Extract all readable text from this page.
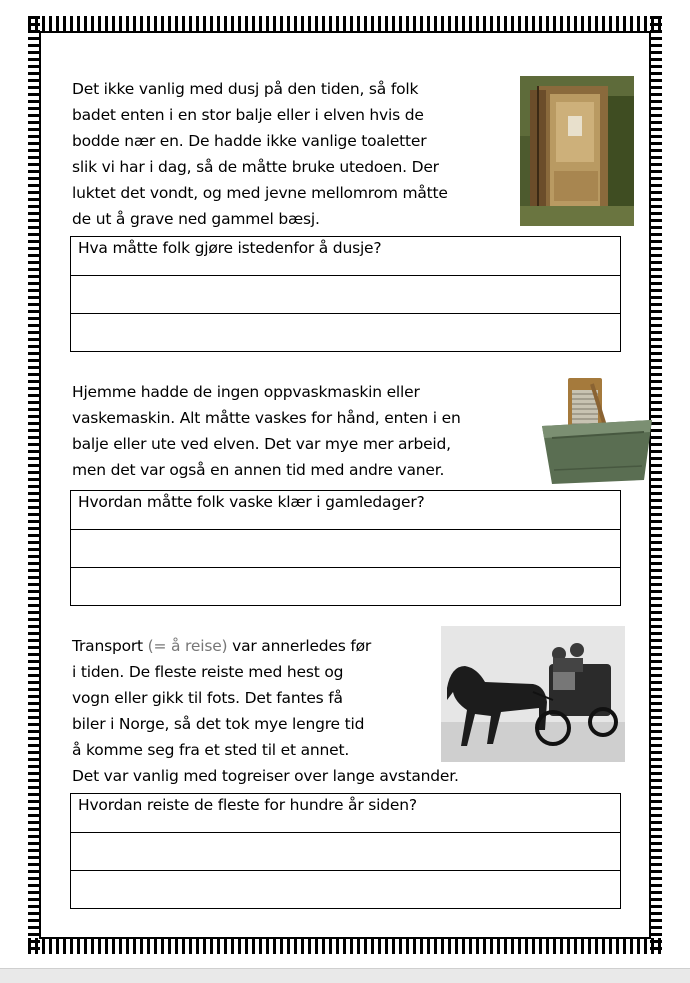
Det ikke vanlig med dusj på den tiden, så folk
badet enten i en stor balje eller i elven hvis de
bodde nær en. De hadde ikke vanlige toaletter
slik vi har i dag, så de måtte bruke utedoen. Der
luktet det vondt, og med jevne mellomrom måtte
de ut å grave ned gammel bæsj.
Hva måtte folk gjøre istedenfor å dusje?
Hjemme hadde de ingen oppvaskmaskin eller
vaskemaskin. Alt måtte vaskes for hånd, enten i en
balje eller ute ved elven. Det var mye mer arbeid,
men det var også en annen tid med andre vaner.
Hvordan måtte folk vaske klær i gamledager?
Transport (= å reise) var annerledes før
i tiden. De fleste reiste med hest og
vogn eller gikk til fots. Det fantes få
biler i Norge, så det tok mye lengre tid
å komme seg fra et sted til et annet.
Det var vanlig med togreiser over lange avstander.
Hvordan reiste de fleste for hundre år siden?
